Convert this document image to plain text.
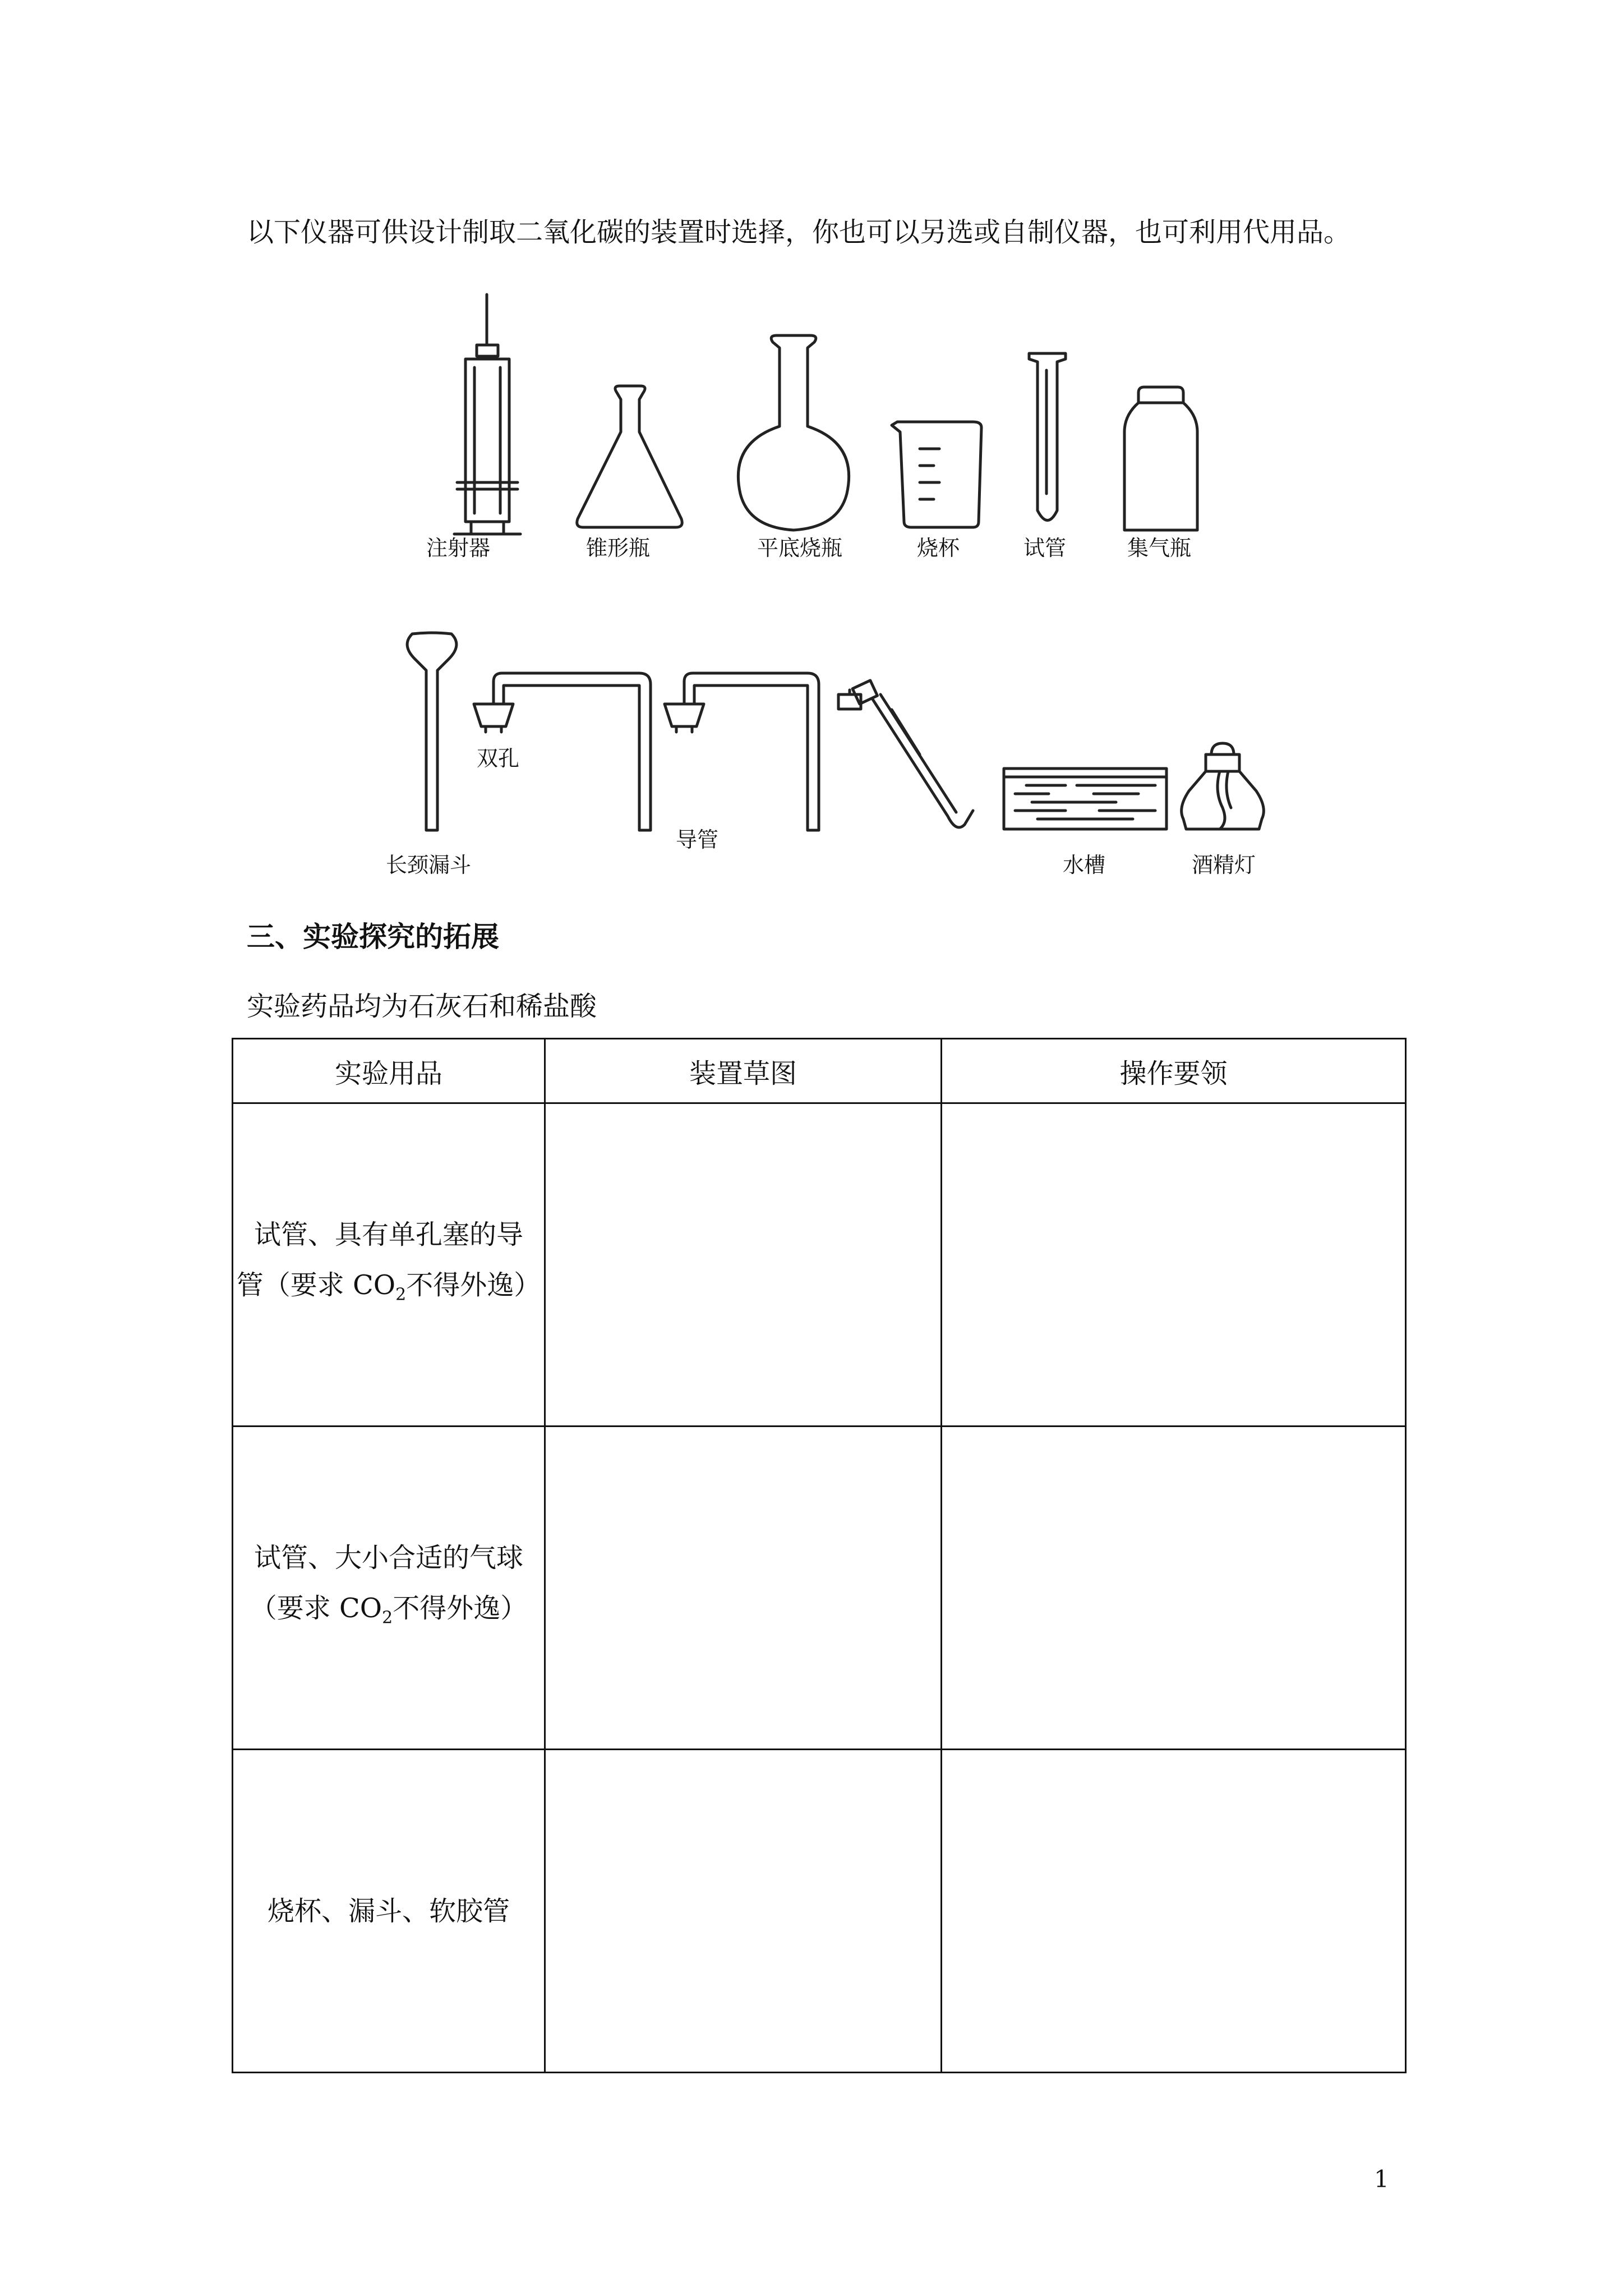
以下仪器可供设计制取二氧化碳的装置时选择，你也可以另选或自制仪器，也可利用代用品。
注射器	锥形瓶	平底烧瓶	烧杯	试管	集气瓶
长颈漏斗
双孔
导管
水槽	酒精灯
三、实验探究的拓展
实验药品均为石灰石和稀盐酸
实验用品	装置草图	操作要领
试管、具有单孔塞的导
管（要求 $CO_2$不得外逸）		
试管、大小合适的气球
（要求 $CO_2$不得外逸）		
烧杯、漏斗、软胶管		
1
